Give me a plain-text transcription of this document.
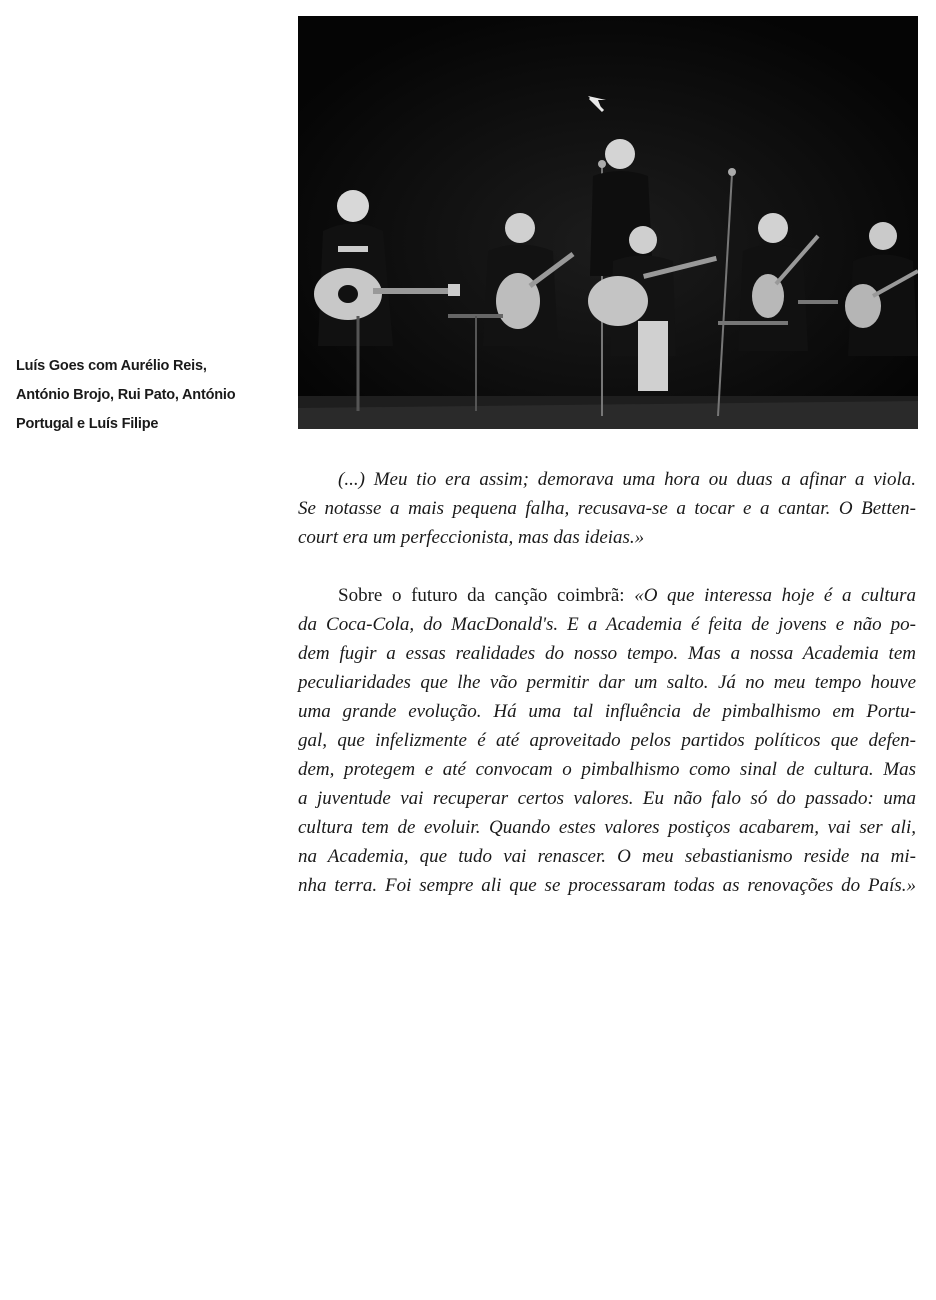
Luís Goes com Aurélio Reis,
António Brojo, Rui Pato, António
Portugal e Luís Filipe

(...) Meu tio era assim; demorava uma hora ou duas a afinar a viola.
Se notasse a mais pequena falha, recusava-se a tocar e a cantar. O Betten-
court era um perfeccionista, mas das ideias.»

Sobre o futuro da canção coimbrã: «O que interessa hoje é a cultura
da Coca-Cola, do MacDonald's. E a Academia é feita de jovens e não po-
dem fugir a essas realidades do nosso tempo. Mas a nossa Academia tem
peculiaridades que lhe vão permitir dar um salto. Já no meu tempo houve
uma grande evolução. Há uma tal influência de pimbalhismo em Portu-
gal, que infelizmente é até aproveitado pelos partidos políticos que defen-
dem, protegem e até convocam o pimbalhismo como sinal de cultura. Mas
a juventude vai recuperar certos valores. Eu não falo só do passado: uma
cultura tem de evoluir. Quando estes valores postiços acabarem, vai ser ali,
na Academia, que tudo vai renascer. O meu sebastianismo reside na mi-
nha terra. Foi sempre ali que se processaram todas as renovações do País.»
